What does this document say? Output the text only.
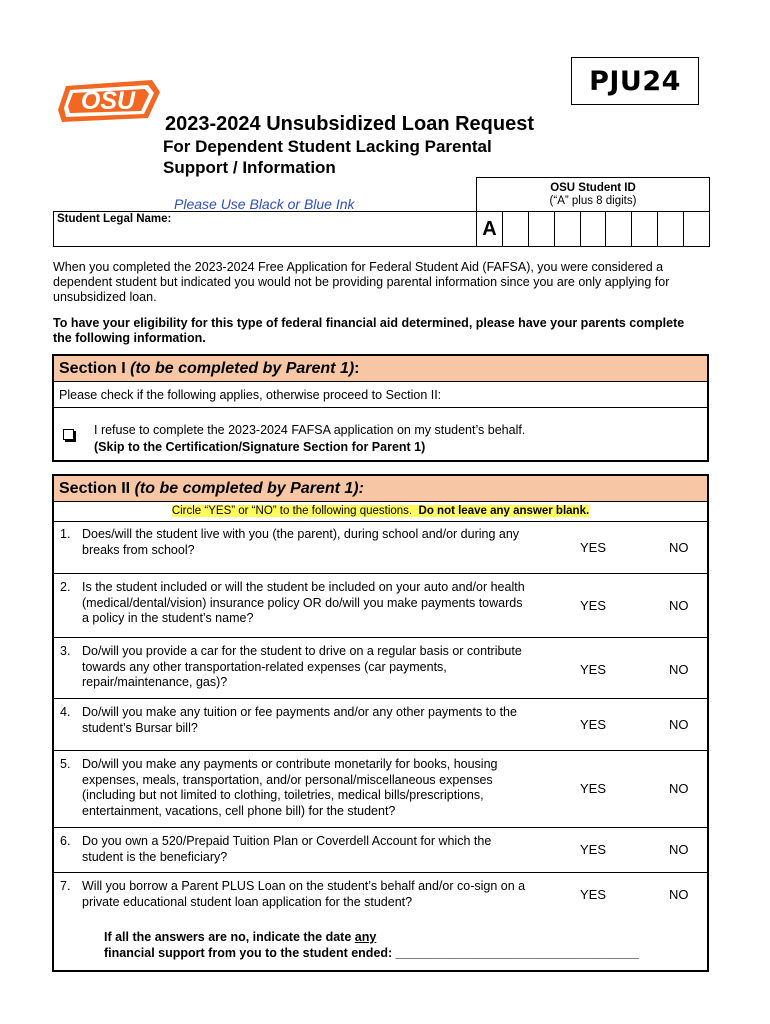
PJU24
OSU
2023-2024 Unsubsidized Loan Request
For Dependent Student Lacking Parental
Support / Information
Please Use Black or Blue Ink
Student Legal Name:
OSU Student ID
(“A” plus 8 digits)
A
When you completed the 2023-2024 Free Application for Federal Student Aid (FAFSA), you were considered a dependent student but indicated you would not be providing parental information since you are only applying for unsubsidized loan.
To have your eligibility for this type of federal financial aid determined, please have your parents complete the following information.
Section I (to be completed by Parent 1) :
Please check if the following applies, otherwise proceed to Section II:
I refuse to complete the 2023-2024 FAFSA application on my student’s behalf.
(Skip to the Certification/Signature Section for Parent 1)
Section II (to be completed by Parent 1):
Circle “YES” or “NO” to the following questions. Do not leave any answer blank.
1. Does/will the student live with you (the parent), during school and/or during any breaks from school?	YES	NO
2. Is the student included or will the student be included on your auto and/or health (medical/dental/vision) insurance policy OR do/will you make payments towards a policy in the student’s name?
YES	NO
3. Do/will you provide a car for the student to drive on a regular basis or contribute towards any other transportation-related expenses (car payments, repair/maintenance, gas)?
YES	NO
4. Do/will you make any tuition or fee payments and/or any other payments to the student’s Bursar bill?	YES	NO
5. Do/will you make any payments or contribute monetarily for books, housing expenses, meals, transportation, and/or personal/miscellaneous expenses (including but not limited to clothing, toiletries, medical bills/prescriptions, entertainment, vacations, cell phone bill) for the student?
YES	NO
6. Do you own a 520/Prepaid Tuition Plan or Coverdell Account for which the student is the beneficiary?	YES	NO
7. Will you borrow a Parent PLUS Loan on the student’s behalf and/or co-sign on a private educational student loan application for the student?	YES	NO
If all the answers are no, indicate the date any
financial support from you to the student ended: ___________________________________
